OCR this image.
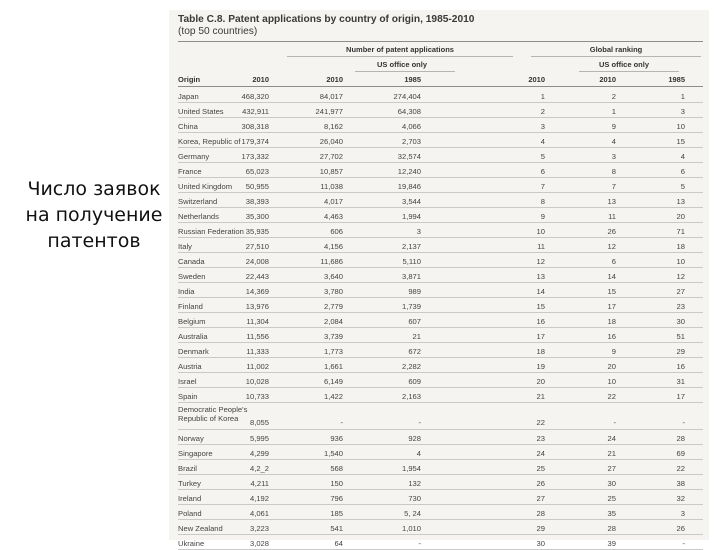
Число заявок
на получение
патентов
Table C.8. Patent applications by country of origin, 1985-2010
(top 50 countries)
Number of patent applications	Global ranking
US office only	US office only
Origin	2010	2010	1985	2010	2010	1985
Japan	468,320	84,017	274,404	1	2	1
United States 432,911	241,977	64,308	2	1	3
China	308,318	8,162	4,066	3	9	10
Korea, Republic of 179,374	26,040	2,703	4	4	15
Germany	173,332	27,702	32,574	5	3	4
France	65,023	10,857	12,240	6	8	6
United Kingdom 50,955	11,038	19,846	7	7	5
Switzerland	38,393	4,017	3,544	8	13	13
Netherlands	35,300	4,463	1,994	9	11	20
Russian Federation 35,935	606	3	10	26	71
Italy	27,510	4,156	2,137	11	12	18
Canada	24,008	11,686	5,110	12	6	10
Sweden	22,443	3,640	3,871	13	14	12
India	14,369	3,780	989	14	15	27
Finland	13,976	2,779	1,739	15	17	23
Belgium	11,304	2,084	607	16	18	30
Australia	11,556	3,739	21	17	16	51
Denmark	11,333	1,773	672	18	9	29
Austria	11,002	1,661	2,282	19	20	16
Israel	10,028	6,149	609	20	10	31
Spain	10,733	1,422	2,163	21	22	17
Democratic People's Republic of Korea	8,055	-	-	22	-	-
Norway	5,995	936	928	23	24	28
Singapore	4,299	1,540	4	24	21	69
Brazil	4,2_2	568	1,954	25	27	22
Turkey	4,211	150	132	26	30	38
Ireland	4,192	796	730	27	25	32
Poland	4,061	185	5, 24	28	35	3
New Zealand	3,223	541	1,010	29	28	26
Ukraine	3,028	64	-	30	39	-
